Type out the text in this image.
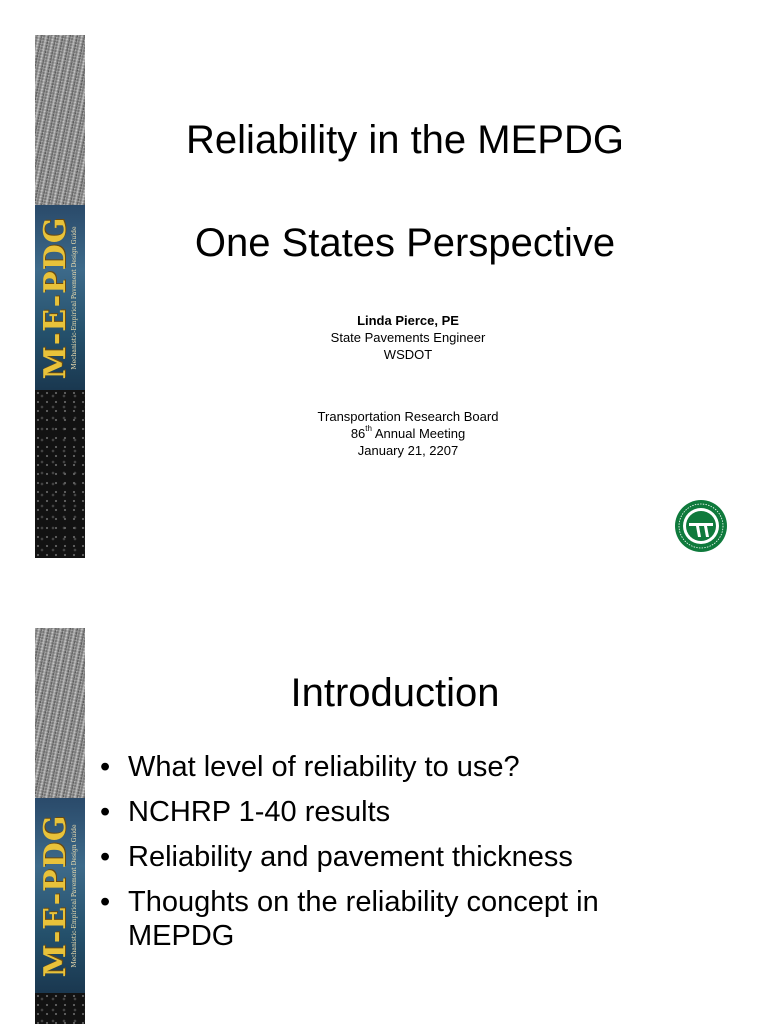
M-E-PDG
Mechanistic-Empirical Pavement Design Guide
Reliability in the MEPDG
One States Perspective
Linda Pierce, PE
State Pavements Engineer
WSDOT
Transportation Research Board
86th Annual Meeting
January 21, 2207
M-E-PDG
Mechanistic-Empirical Pavement Design Guide
Introduction
• What level of reliability to use?
• NCHRP 1-40 results
• Reliability and pavement thickness
• Thoughts on the reliability concept in MEPDG
